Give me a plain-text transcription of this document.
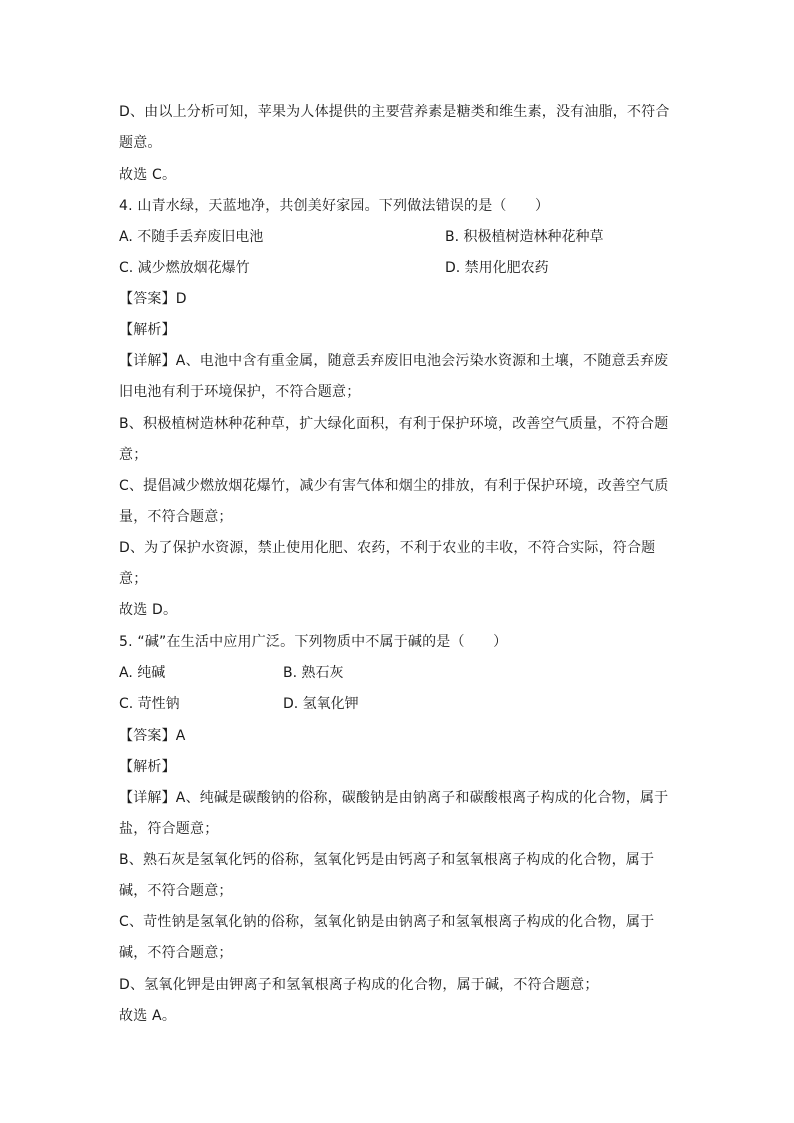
D、由以上分析可知，苹果为人体提供的主要营养素是糖类和维生素，没有油脂，不符合
题意。
故选 C。
4. 山青水绿，天蓝地净，共创美好家园。下列做法错误的是（　　）
A. 不随手丢弃废旧电池	B. 积极植树造林种花种草
C. 减少燃放烟花爆竹	D. 禁用化肥农药
【答案】D
【解析】
【详解】A、电池中含有重金属，随意丢弃废旧电池会污染水资源和土壤，不随意丢弃废
旧电池有利于环境保护，不符合题意；
B、积极植树造林种花种草，扩大绿化面积，有利于保护环境，改善空气质量，不符合题
意；
C、提倡减少燃放烟花爆竹，减少有害气体和烟尘的排放，有利于保护环境，改善空气质
量，不符合题意；
D、为了保护水资源，禁止使用化肥、农药，不利于农业的丰收，不符合实际，符合题
意；
故选 D。
5. “碱”在生活中应用广泛。下列物质中不属于碱的是（　　）
A. 纯碱	B. 熟石灰
C. 苛性钠	D. 氢氧化钾
【答案】A
【解析】
【详解】A、纯碱是碳酸钠的俗称，碳酸钠是由钠离子和碳酸根离子构成的化合物，属于
盐，符合题意；
B、熟石灰是氢氧化钙的俗称，氢氧化钙是由钙离子和氢氧根离子构成的化合物，属于
碱，不符合题意；
C、苛性钠是氢氧化钠的俗称，氢氧化钠是由钠离子和氢氧根离子构成的化合物，属于
碱，不符合题意；
D、氢氧化钾是由钾离子和氢氧根离子构成的化合物，属于碱，不符合题意；
故选 A。
